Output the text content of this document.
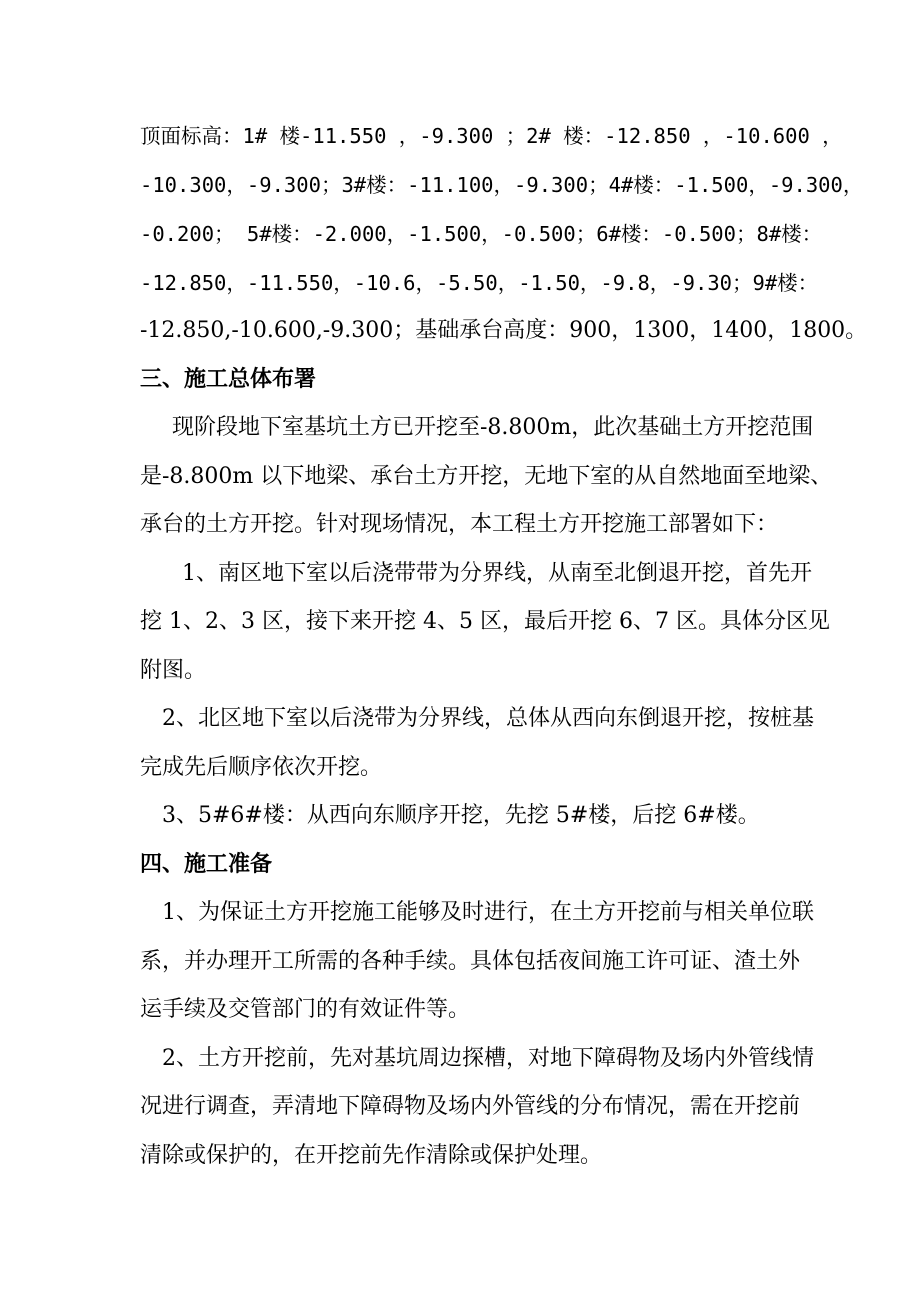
顶面标高：1# 楼-11.550 ，-9.300 ；2# 楼：-12.850 ，-10.600 ，
-10.300，-9.300；3#楼：-11.100，-9.300；4#楼：-1.500，-9.300，
-0.200； 5#楼：-2.000，-1.500，-0.500；6#楼：-0.500；8#楼：
-12.850，-11.550，-10.6，-5.50，-1.50，-9.8，-9.30；9#楼：
-12.850,-10.600,-9.300；基础承台高度：900，1300，1400，1800。
三、施工总体布署
现阶段地下室基坑土方已开挖至-8.800m，此次基础土方开挖范围
是-8.800m 以下地梁、承台土方开挖，无地下室的从自然地面至地梁、
承台的土方开挖。针对现场情况，本工程土方开挖施工部署如下：
1、南区地下室以后浇带带为分界线，从南至北倒退开挖，首先开
挖 1、2、3 区，接下来开挖 4、5 区，最后开挖 6、7 区。具体分区见
附图。
2、北区地下室以后浇带为分界线，总体从西向东倒退开挖，按桩基
完成先后顺序依次开挖。
3、5#6#楼：从西向东顺序开挖，先挖 5#楼，后挖 6#楼。
四、施工准备
1、为保证土方开挖施工能够及时进行，在土方开挖前与相关单位联
系，并办理开工所需的各种手续。具体包括夜间施工许可证、渣土外
运手续及交管部门的有效证件等。
2、土方开挖前，先对基坑周边探槽，对地下障碍物及场内外管线情
况进行调查，弄清地下障碍物及场内外管线的分布情况，需在开挖前
清除或保护的，在开挖前先作清除或保护处理。
